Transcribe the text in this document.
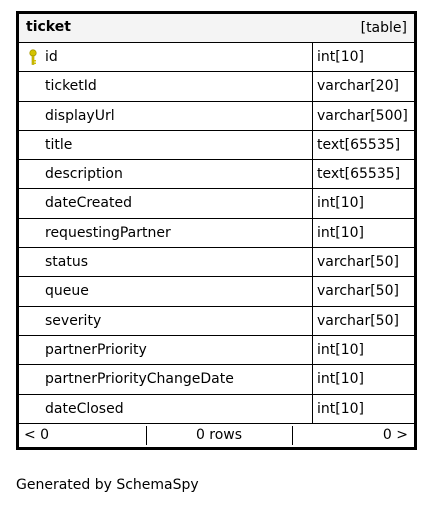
ticket	[table]
id	int[10]
ticketId	varchar[20]
displayUrl	varchar[500]
title	text[65535]
description	text[65535]
dateCreated	int[10]
requestingPartner	int[10]
status	varchar[50]
queue	varchar[50]
severity	varchar[50]
partnerPriority	int[10]
partnerPriorityChangeDate	int[10]
dateClosed	int[10]
< 0	0 rows	0 >
Generated by SchemaSpy
